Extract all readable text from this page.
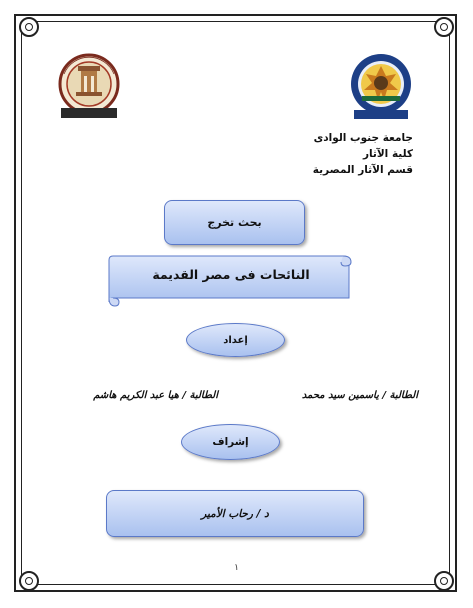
جامعة جنوب الوادى
كلية الآثار
قسم الآثار المصرية
بحث تخرج
النائحات فى مصر القديمة
إعداد
الطالبة / ياسمين سيد محمد
الطالبة / هيا عبد الكريم هاشم
إشراف
د / رحاب الأمير
١
